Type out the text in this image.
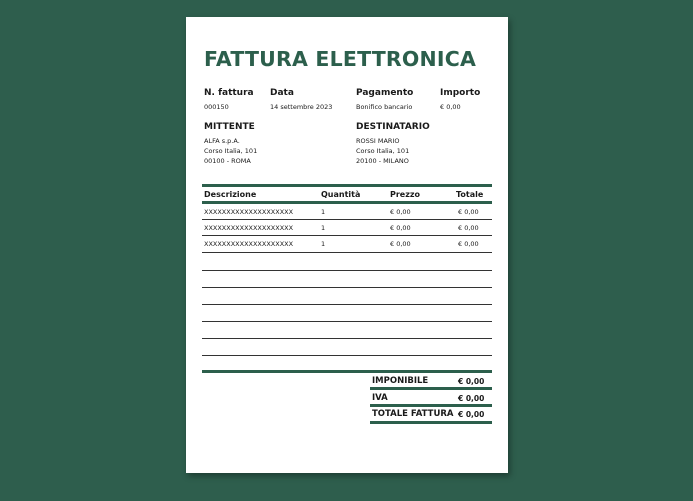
FATTURA ELETTRONICA
N. fattura
000150
Data
14 settembre 2023
Pagamento
Bonifico bancario
Importo
€ 0,00
MITTENTE
ALFA s.p.A.
Corso Italia, 101
00100 - ROMA
DESTINATARIO
ROSSI MARIO
Corso Italia, 101
20100 - MILANO
Descrizione	Quantità	Prezzo	Totale
XXXXXXXXXXXXXXXXXXXX	1	€ 0,00	€ 0,00
XXXXXXXXXXXXXXXXXXXX	1	€ 0,00	€ 0,00
XXXXXXXXXXXXXXXXXXXX	1	€ 0,00	€ 0,00
IMPONIBILE	€ 0,00
IVA	€ 0,00
TOTALE FATTURA € 0,00
